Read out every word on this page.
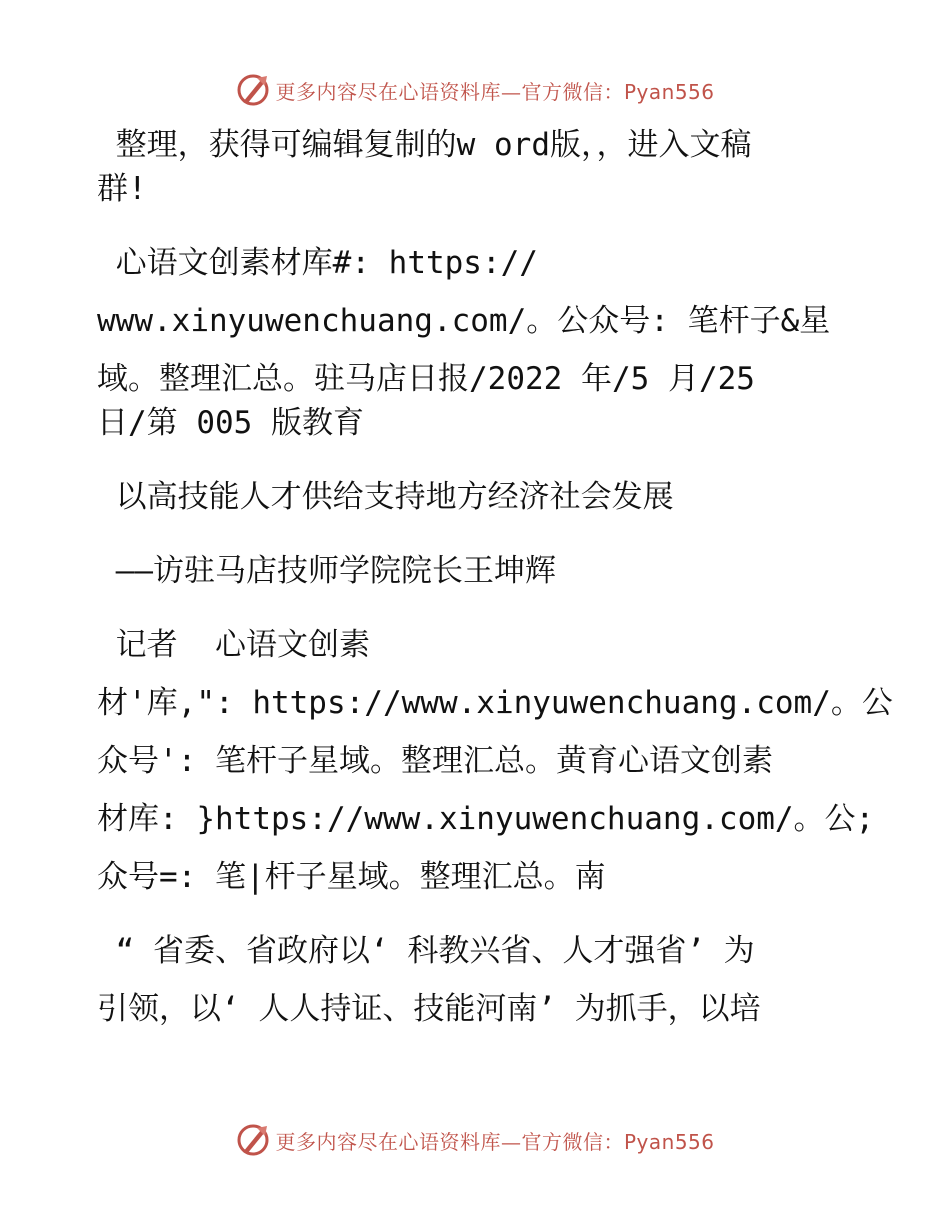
更多内容尽在心语资料库—官方微信：Pyan556
整理，获得可编辑复制的w ord版，，进入文稿
群!
心语文创素材库#: https://
www.xinyuwenchuang.com/。公众号: 笔杆子&星
域。整理汇总。驻马店日报/2022 年/5 月/25
日/第 005 版教育
以高技能人才供给支持地方经济社会发展
——访驻马店技师学院院长王坤辉
记者  心语文创素
材'库,": https://www.xinyuwenchuang.com/。公
众号': 笔杆子星域。整理汇总。黄育心语文创素
材库: }https://www.xinyuwenchuang.com/。公;
众号=: 笔|杆子星域。整理汇总。南
“ 省委、省政府以‘ 科教兴省、人才强省’ 为
引领，以‘ 人人持证、技能河南’ 为抓手，以培
更多内容尽在心语资料库—官方微信：Pyan556
